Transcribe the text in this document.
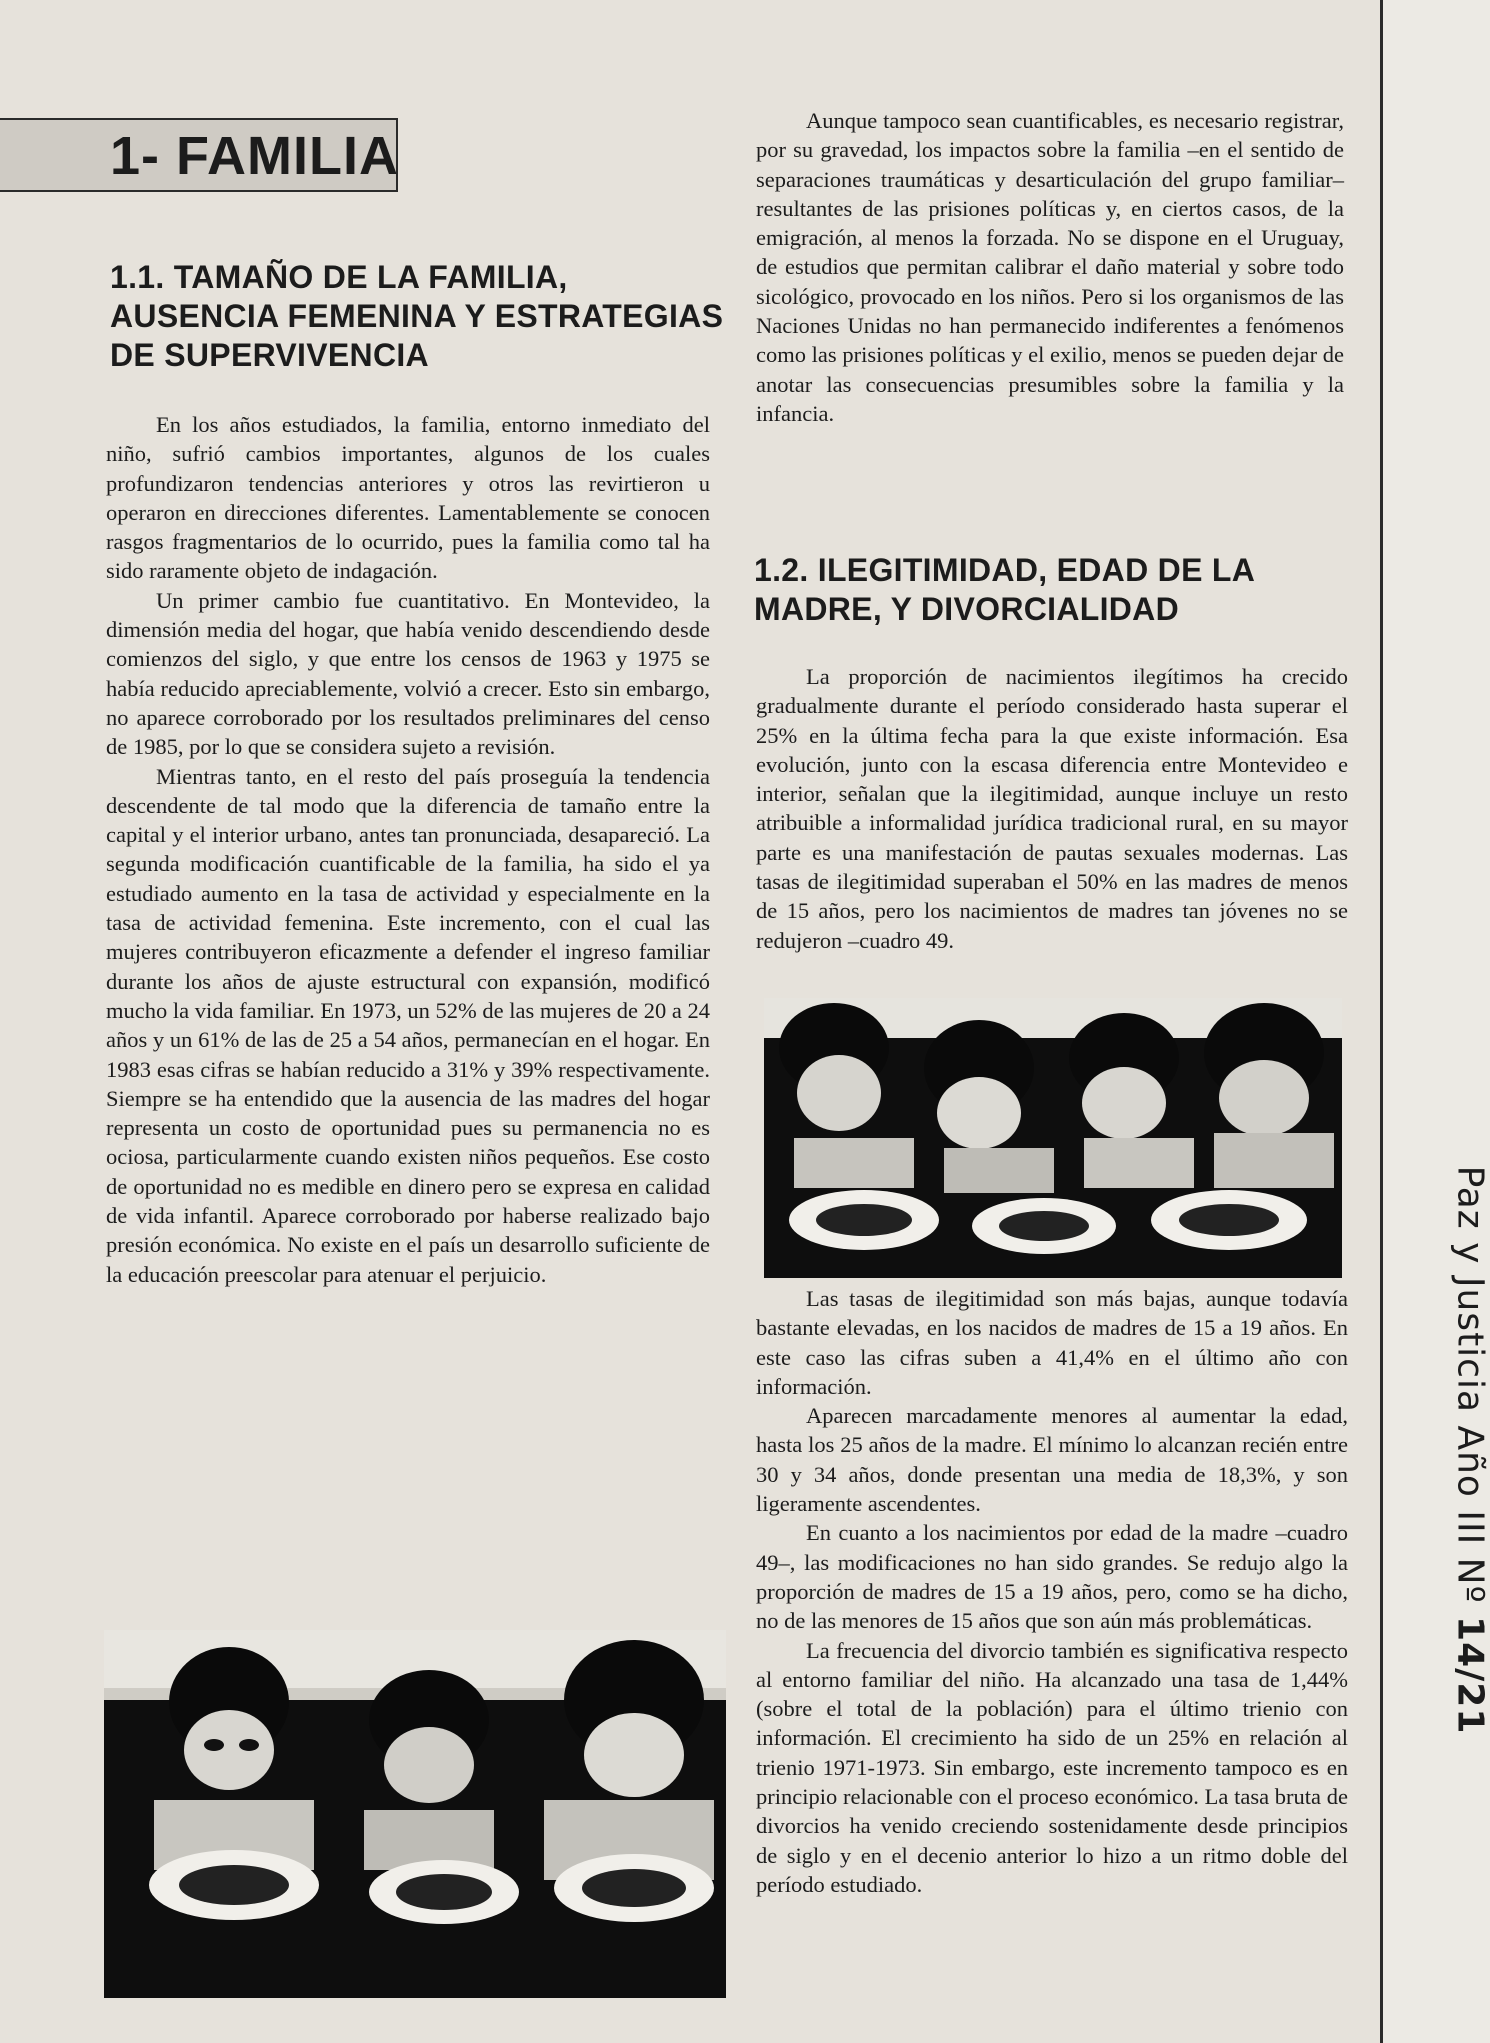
1- FAMILIA
1.1. TAMAÑO DE LA FAMILIA,
AUSENCIA FEMENINA Y ESTRATEGIAS
DE SUPERVIVENCIA

En los años estudiados, la familia, entorno inmediato del niño, sufrió cambios importantes, algunos de los cuales profundizaron tendencias anteriores y otros las revirtieron u operaron en direcciones diferentes. Lamentablemente se conocen rasgos fragmentarios de lo ocurrido, pues la familia como tal ha sido raramente objeto de indagación.

Un primer cambio fue cuantitativo. En Montevideo, la dimensión media del hogar, que había venido descendiendo desde comienzos del siglo, y que entre los censos de 1963 y 1975 se había reducido apreciablemente, volvió a crecer. Esto sin embargo, no aparece corroborado por los resultados preliminares del censo de 1985, por lo que se considera sujeto a revisión.

Mientras tanto, en el resto del país proseguía la tendencia descendente de tal modo que la diferencia de tamaño entre la capital y el interior urbano, antes tan pronunciada, desapareció. La segunda modificación cuantificable de la familia, ha sido el ya estudiado aumento en la tasa de actividad y especialmente en la tasa de actividad femenina. Este incremento, con el cual las mujeres contribuyeron eficazmente a defender el ingreso familiar durante los años de ajuste estructural con expansión, modificó mucho la vida familiar. En 1973, un 52% de las mujeres de 20 a 24 años y un 61% de las de 25 a 54 años, permanecían en el hogar. En 1983 esas cifras se habían reducido a 31% y 39% respectivamente. Siempre se ha entendido que la ausencia de las madres del hogar representa un costo de oportunidad pues su permanencia no es ociosa, particularmente cuando existen niños pequeños. Ese costo de oportunidad no es medible en dinero pero se expresa en calidad de vida infantil. Aparece corroborado por haberse realizado bajo presión económica. No existe en el país un desarrollo suficiente de la educación preescolar para atenuar el perjuicio.

Aunque tampoco sean cuantificables, es necesario registrar, por su gravedad, los impactos sobre la familia –en el sentido de separaciones traumáticas y desarticulación del grupo familiar– resultantes de las prisiones políticas y, en ciertos casos, de la emigración, al menos la forzada. No se dispone en el Uruguay, de estudios que permitan calibrar el daño material y sobre todo sicológico, provocado en los niños. Pero si los organismos de las Naciones Unidas no han permanecido indiferentes a fenómenos como las prisiones políticas y el exilio, menos se pueden dejar de anotar las consecuencias presumibles sobre la familia y la infancia.

1.2. ILEGITIMIDAD, EDAD DE LA
MADRE, Y DIVORCIALIDAD

La proporción de nacimientos ilegítimos ha crecido gradualmente durante el período considerado hasta superar el 25% en la última fecha para la que existe información. Esa evolución, junto con la escasa diferencia entre Montevideo e interior, señalan que la ilegitimidad, aunque incluye un resto atribuible a informalidad jurídica tradicional rural, en su mayor parte es una manifestación de pautas sexuales modernas. Las tasas de ilegitimidad superaban el 50% en las madres de menos de 15 años, pero los nacimientos de madres tan jóvenes no se redujeron –cuadro 49.

Las tasas de ilegitimidad son más bajas, aunque todavía bastante elevadas, en los nacidos de madres de 15 a 19 años. En este caso las cifras suben a 41,4% en el último año con información.

Aparecen marcadamente menores al aumentar la edad, hasta los 25 años de la madre. El mínimo lo alcanzan recién entre 30 y 34 años, donde presentan una media de 18,3%, y son ligeramente ascendentes.

En cuanto a los nacimientos por edad de la madre –cuadro 49–, las modificaciones no han sido grandes. Se redujo algo la proporción de madres de 15 a 19 años, pero, como se ha dicho, no de las menores de 15 años que son aún más problemáticas.

La frecuencia del divorcio también es significativa respecto al entorno familiar del niño. Ha alcanzado una tasa de 1,44% (sobre el total de la población) para el último trienio con información. El crecimiento ha sido de un 25% en relación al trienio 1971-1973. Sin embargo, este incremento tampoco es en principio relacionable con el proceso económico. La tasa bruta de divorcios ha venido creciendo sostenidamente desde principios de siglo y en el decenio anterior lo hizo a un ritmo doble del período estudiado.

Paz y Justicia Año III Nº 14/21
